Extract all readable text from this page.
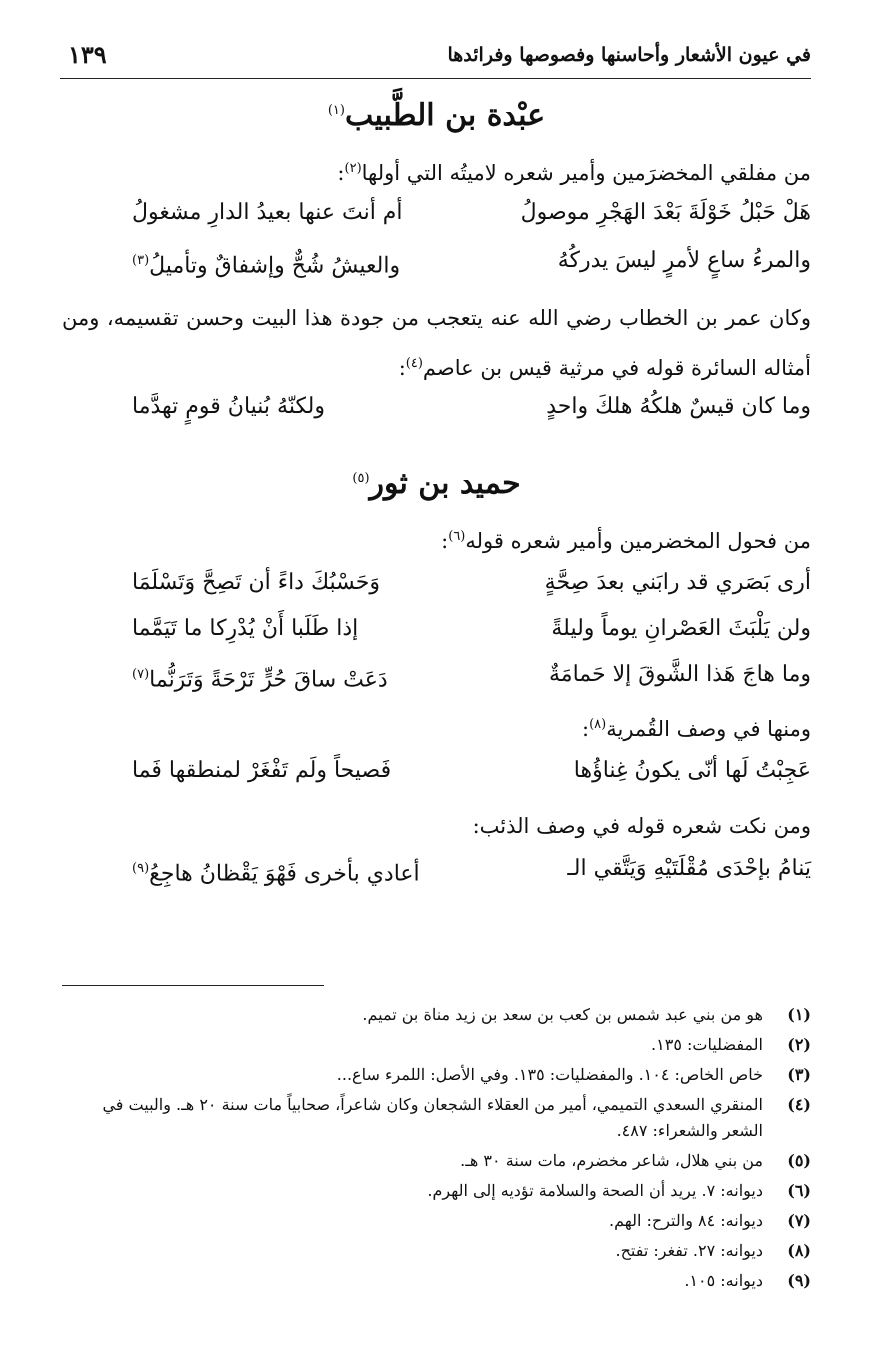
في عيون الأشعار وأحاسنها وفصوصها وفرائدها
١٣٩
عبْدة بن الطَّبيب$^{(١)}$
من مفلقي المخضرَمين وأمير شعره لاميتُه التي أولها$^{(٢)}$:
هَلْ حَبْلُ خَوْلَةَ بَعْدَ الهَجْرِ موصولُ
أم أنتَ عنها بعيدُ الدارِ مشغولُ
والمرءُ ساعٍ لأمرٍ ليسَ يدركُهُ
والعيشُ شُحٌّ وإشفاقٌ وتأميلُ$^{(٣)}$
وكان عمر بن الخطاب رضي الله عنه يتعجب من جودة هذا البيت وحسن تقسيمه، ومن أمثاله السائرة قوله في مرثية قيس بن عاصم$^{(٤)}$:
وما كان قيسٌ هلكُهُ هلكَ واحدٍ
ولكنّهُ بُنيانُ قومٍ تهدَّما
حميد بن ثور$^{(٥)}$
من فحول المخضرمين وأمير شعره قوله$^{(٦)}$:
أرى بَصَري قد رابَني بعدَ صِحَّةٍ
وَحَسْبُكَ داءً أن تَصِحَّ وَتَسْلَمَا
ولن يَلْبَثَ العَصْرانِ يوماً وليلةً
إذا طَلَبا أَنْ يُدْرِكا ما تَيَمَّما
وما هاجَ هَذا الشَّوقَ إلا حَمامَةٌ
دَعَتْ ساقَ حُرٍّ تَرْحَةً وَتَرَنُّما$^{(٧)}$
ومنها في وصف القُمرية$^{(٨)}$:
عَجِبْتُ لَها أنّى يكونُ غِناؤُها
فَصيحاً ولَم تَفْغَرْ لمنطقها فَما
ومن نكت شعره قوله في وصف الذئب:
يَنامُ بإحْدَى مُقْلَتَيْهِ وَيَتَّقي الـ
أعادي بأخرى فَهْوَ يَقْظانُ هاجِعُ$^{(٩)}$
(١)
هو من بني عبد شمس بن كعب بن سعد بن زيد مناة بن تميم.
(٢)
المفضليات: ١٣٥.
(٣)
خاص الخاص: ١٠٤. والمفضليات: ١٣٥. وفي الأصل: اللمرء ساع...
(٤)
المنقري السعدي التميمي، أمير من العقلاء الشجعان وكان شاعراً، صحابياً مات سنة ٢٠ هـ. والبيت في الشعر والشعراء: ٤٨٧.
(٥)
من بني هلال، شاعر مخضرم، مات سنة ٣٠ هـ.
(٦)
ديوانه: ٧. يريد أن الصحة والسلامة تؤديه إلى الهرم.
(٧)
ديوانه: ٨٤ والترح: الهم.
(٨)
ديوانه: ٢٧. تفغر: تفتح.
(٩)
ديوانه: ١٠٥.
